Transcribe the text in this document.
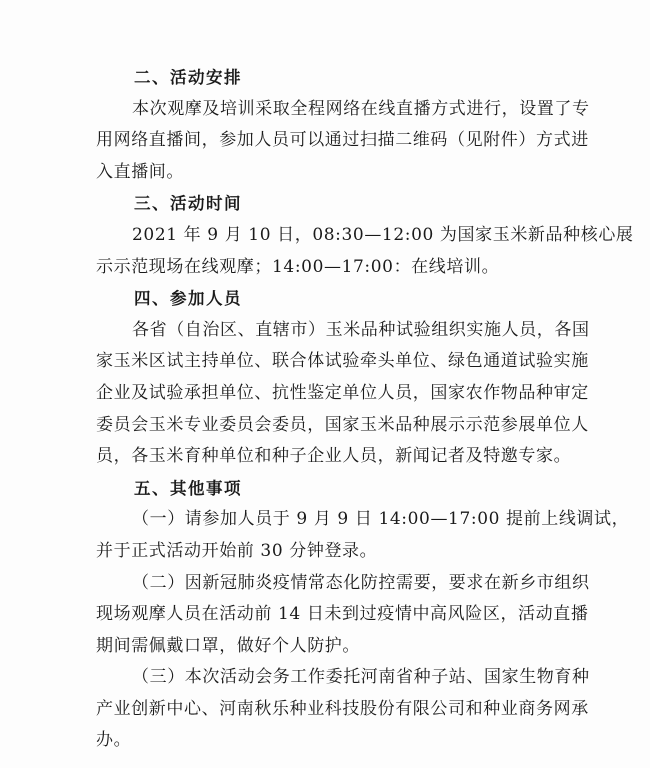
二、活动安排
本次观摩及培训采取全程网络在线直播方式进行，设置了专
用网络直播间，参加人员可以通过扫描二维码（见附件）方式进
入直播间。
三、活动时间
2021 年 9 月 10 日，08:30—12:00 为国家玉米新品种核心展
示示范现场在线观摩；14:00—17:00：在线培训。
四、参加人员
各省（自治区、直辖市）玉米品种试验组织实施人员，各国
家玉米区试主持单位、联合体试验牵头单位、绿色通道试验实施
企业及试验承担单位、抗性鉴定单位人员，国家农作物品种审定
委员会玉米专业委员会委员，国家玉米品种展示示范参展单位人
员，各玉米育种单位和种子企业人员，新闻记者及特邀专家。
五、其他事项
（一）请参加人员于 9 月 9 日 14:00—17:00 提前上线调试，
并于正式活动开始前 30 分钟登录。
（二）因新冠肺炎疫情常态化防控需要，要求在新乡市组织
现场观摩人员在活动前 14 日未到过疫情中高风险区，活动直播
期间需佩戴口罩，做好个人防护。
（三）本次活动会务工作委托河南省种子站、国家生物育种
产业创新中心、河南秋乐种业科技股份有限公司和种业商务网承
办。
